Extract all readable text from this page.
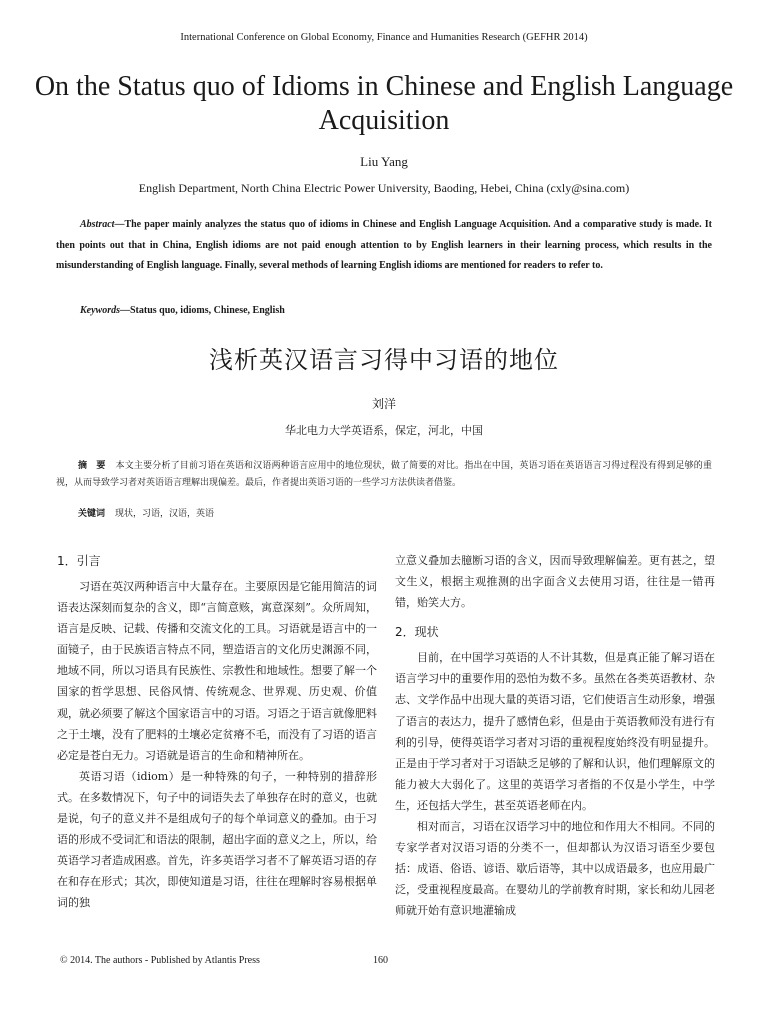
International Conference on Global Economy, Finance and Humanities Research (GEFHR 2014)
On the Status quo of Idioms in Chinese and English Language Acquisition
Liu Yang
English Department, North China Electric Power University, Baoding, Hebei, China (cxly@sina.com)
Abstract—The paper mainly analyzes the status quo of idioms in Chinese and English Language Acquisition. And a comparative study is made. It then points out that in China, English idioms are not paid enough attention to by English learners in their learning process, which results in the misunderstanding of English language. Finally, several methods of learning English idioms are mentioned for readers to refer to.
Keywords—Status quo, idioms, Chinese, English
浅析英汉语言习得中习语的地位
刘洋
华北电力大学英语系，保定，河北，中国
摘　要 本文主要分析了目前习语在英语和汉语两种语言应用中的地位现状，做了简要的对比。指出在中国，英语习语在英语语言习得过程没有得到足够的重视，从而导致学习者对英语语言理解出现偏差。最后，作者提出英语习语的一些学习方法供读者借鉴。
关键词 现状，习语，汉语，英语
1．引言

习语在英汉两种语言中大量存在。主要原因是它能用简洁的词语表达深刻而复杂的含义，即“言简意赅，寓意深刻”。众所周知，语言是反映、记载、传播和交流文化的工具。习语就是语言中的一面镜子，由于民族语言特点不同，塑造语言的文化历史渊源不同，地域不同，所以习语具有民族性、宗教性和地域性。想要了解一个国家的哲学思想、民俗风情、传统观念、世界观、历史观、价值观，就必须要了解这个国家语言中的习语。习语之于语言就像肥料之于土壤，没有了肥料的土壤必定贫瘠不毛，而没有了习语的语言必定是苍白无力。习语就是语言的生命和精神所在。

英语习语（idiom）是一种特殊的句子，一种特别的措辞形式。在多数情况下，句子中的词语失去了单独存在时的意义，也就是说，句子的意义并不是组成句子的每个单词意义的叠加。由于习语的形成不受词汇和语法的限制，超出字面的意义之上，所以，给英语学习者造成困惑。首先，许多英语学习者不了解英语习语的存在和存在形式；其次，即使知道是习语，往往在理解时容易根据单词的独

立意义叠加去臆断习语的含义，因而导致理解偏差。更有甚之，望文生义，根据主观推测的出字面含义去使用习语，往往是一错再错，贻笑大方。

2．现状

目前，在中国学习英语的人不计其数，但是真正能了解习语在语言学习中的重要作用的恐怕为数不多。虽然在各类英语教材、杂志、文学作品中出现大量的英语习语，它们使语言生动形象，增强了语言的表达力，提升了感情色彩，但是由于英语教师没有进行有利的引导，使得英语学习者对习语的重视程度始终没有明显提升。正是由于学习者对于习语缺乏足够的了解和认识，他们理解原文的能力被大大弱化了。这里的英语学习者指的不仅是小学生，中学生，还包括大学生，甚至英语老师在内。

相对而言，习语在汉语学习中的地位和作用大不相同。不同的专家学者对汉语习语的分类不一，但却都认为汉语习语至少要包括：成语、俗语、谚语、歇后语等，其中以成语最多，也应用最广泛，受重视程度最高。在婴幼儿的学前教育时期，家长和幼儿园老师就开始有意识地灌输成

© 2014. The authors - Published by Atlantis Press	160
